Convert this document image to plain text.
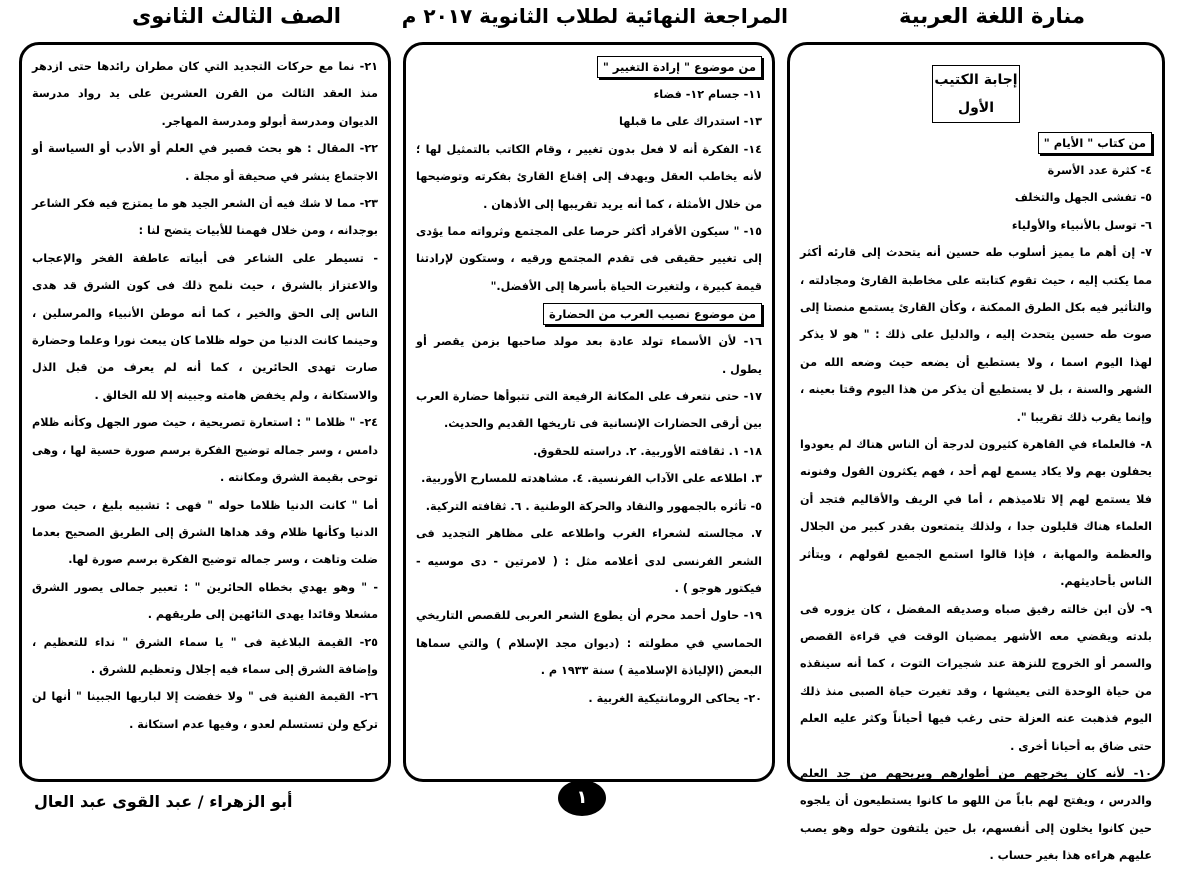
منارة اللغة العربية
المراجعة النهائية لطلاب الثانوية ٢٠١٧ م
الصف الثالث الثانوى
إجابة الكتيب الأول
من كتاب " الأيام "

٤- كثرة عدد الأسرة

٥- تفشى الجهل والتخلف

٦- توسل بالأنبياء والأولياء

٧- إن أهم ما يميز أسلوب طه حسين أنه يتحدث إلى قارئه أكثر مما يكتب إليه ، حيث تقوم كتابته على مخاطبة القارئ ومجادلته ، والتأثير فيه بكل الطرق الممكنة ، وكأن القارئ يستمع منصتا إلى صوت طه حسين يتحدث إليه ، والدليل على ذلك : " هو لا يذكر لهذا اليوم اسما ، ولا يستطيع أن يضعه حيث وضعه الله من الشهر والسنة ، بل لا يستطيع أن يذكر من هذا اليوم وقتا بعينه ، وإنما يقرب ذلك تقريبا ".

٨- فالعلماء في القاهرة كثيرون لدرجة أن الناس هناك لم يعودوا يحفلون بهم ولا يكاد يسمع لهم أحد ، فهم يكثرون القول وفنونه فلا يستمع لهم إلا تلاميذهم ، أما في الريف والأقاليم فتجد أن العلماء هناك قليلون جدا ، ولذلك يتمتعون بقدر كبير من الجلال والعظمة والمهابة ، فإذا قالوا استمع الجميع لقولهم ، ويتأثر الناس بأحاديثهم.

٩- لأن ابن خالته رفيق صباه وصديقه المفضل ، كان يزوره فى بلدته ويقضي معه الأشهر يمضيان الوقت في قراءة القصص والسمر أو الخروج للنزهة عند شجيرات التوت ، كما أنه سينقذه من حياة الوحدة التى يعيشها ، وقد تغيرت حياة الصبى منذ ذلك اليوم فذهبت عنه العزلة حتى رغب فيها أحياناً وكثر عليه العلم حتى ضاق به أحيانا أخرى .

١٠- لأنه كان يخرجهم من أطوارهم ويريحهم من جد العلم والدرس ، ويفتح لهم باباً من اللهو ما كانوا يستطيعون أن يلجوه حين كانوا يخلون إلى أنفسهم، بل حين يلتفون حوله وهو يصب عليهم هراءه هذا بغير حساب .

من موضوع " إرادة التغيير "

١١- جسام ١٢- فضاء

١٣- استدراك على ما قبلها

١٤- الفكرة أنه لا فعل بدون تغيير ، وقام الكاتب بالتمثيل لها ؛ لأنه يخاطب العقل ويهدف إلى إقناع القارئ بفكرته وتوضيحها من خلال الأمثلة ، كما أنه يريد تقريبها إلى الأذهان .

١٥- " سيكون الأفراد أكثر حرصا على المجتمع وثرواته مما يؤدى إلى تغيير حقيقى فى تقدم المجتمع ورقيه ، وستكون لإرادتنا قيمة كبيرة ، ولتغيرت الحياة بأسرها إلى الأفضل."

من موضوع نصيب العرب من الحضارة

١٦- لأن الأسماء تولد عادة بعد مولد صاحبها بزمن يقصر أو يطول .

١٧- حتى نتعرف على المكانة الرفيعة التى تتبوأها حضارة العرب بين أرقى الحضارات الإنسانية فى تاريخها القديم والحديث.

١٨- ١. ثقافته الأوربية. ٢. دراسته للحقوق.

٣. اطلاعه على الآداب الفرنسية. ٤. مشاهدته للمسارح الأوربية.

٥- تأثره بالجمهور والنقاد والحركة الوطنية . ٦. ثقافته التركية.

٧. مجالسته لشعراء الغرب واطلاعه على مظاهر التجديد فى الشعر الفرنسى لدى أعلامه مثل : ( لامرتين - دى موسيه - فيكتور هوجو ) .

١٩- حاول أحمد محرم أن يطوع الشعر العربى للقصص التاريخي الحماسي في مطولته : (ديوان مجد الإسلام ) والتي سماها البعض (الإلياذة الإسلامية ) سنة ١٩٣٣ م .

٢٠- يحاكى الرومانتيكية الغربية .

٢١- نما مع حركات التجديد التي كان مطران رائدها حتى ازدهر منذ العقد الثالث من القرن العشرين على يد رواد مدرسة الديوان ومدرسة أبولو ومدرسة المهاجر.

٢٢- المقال : هو بحث قصير في العلم أو الأدب أو السياسة أو الاجتماع ينشر في صحيفة أو مجلة .

٢٣- مما لا شك فيه أن الشعر الجيد هو ما يمتزج فيه فكر الشاعر بوجدانه ، ومن خلال فهمنا للأبيات يتضح لنا :

- تسيطر على الشاعر فى أبياته عاطفة الفخر والإعجاب والاعتزاز بالشرق ، حيث نلمح ذلك فى كون الشرق قد هدى الناس إلى الحق والخير ، كما أنه موطن الأنبياء والمرسلين ، وحينما كانت الدنيا من حوله ظلاما كان يبعث نورا وعلما وحضارة صارت تهدى الحائرين ، كما أنه لم يعرف من قبل الذل والاستكانة ، ولم يخفض هامته وجبينه إلا لله الخالق .

٢٤- " ظلاما " : استعارة تصريحية ، حيث صور الجهل وكأنه ظلام دامس ، وسر جماله توضيح الفكرة برسم صورة حسية لها ، وهى توحى بقيمة الشرق ومكانته .

أما " كانت الدنيا ظلاما حوله " فهى : تشبيه بليغ ، حيث صور الدنيا وكأنها ظلام وقد هداها الشرق إلى الطريق الصحيح بعدما ضلت وتاهت ، وسر جماله توضيح الفكرة برسم صورة لها.

- " وهو يهدي بخطاه الحائرين " : تعبير جمالى يصور الشرق مشعلا وقائدا يهدى التائهين إلى طريقهم .

٢٥- القيمة البلاغية فى " يا سماء الشرق " نداء للتعظيم ، وإضافة الشرق إلى سماء فيه إجلال وتعظيم للشرق .

٢٦- القيمة الفنية فى " ولا خفضت إلا لباريها الجبينا " أنها لن تركع ولن تستسلم لعدو ، وفيها عدم استكانة .

أبو الزهراء / عبد القوى عبد العال	١
